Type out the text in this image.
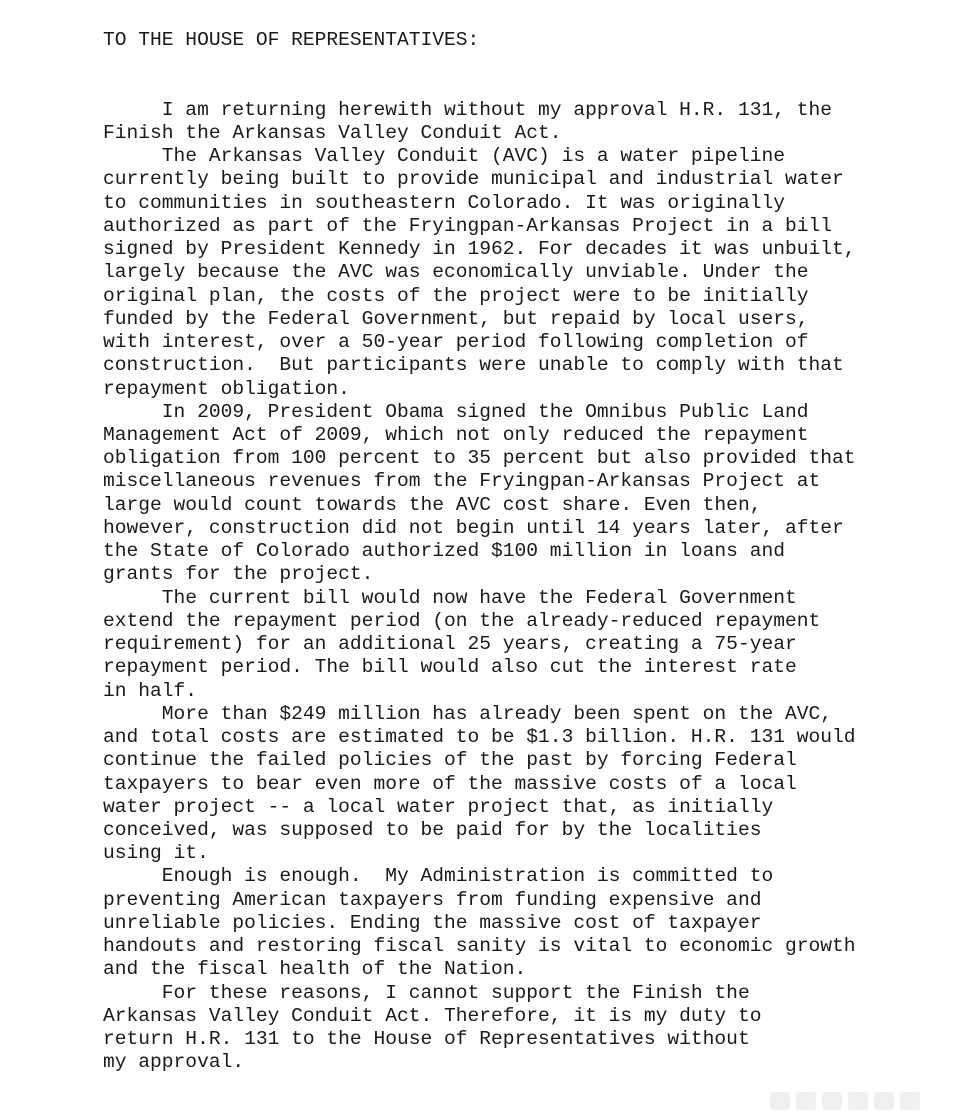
TO THE HOUSE OF REPRESENTATIVES:
I am returning herewith without my approval H.R. 131, the
Finish the Arkansas Valley Conduit Act.
The Arkansas Valley Conduit (AVC) is a water pipeline
currently being built to provide municipal and industrial water
to communities in southeastern Colorado. It was originally
authorized as part of the Fryingpan-Arkansas Project in a bill
signed by President Kennedy in 1962. For decades it was unbuilt,
largely because the AVC was economically unviable. Under the
original plan, the costs of the project were to be initially
funded by the Federal Government, but repaid by local users,
with interest, over a 50-year period following completion of
construction.  But participants were unable to comply with that
repayment obligation.
In 2009, President Obama signed the Omnibus Public Land
Management Act of 2009, which not only reduced the repayment
obligation from 100 percent to 35 percent but also provided that
miscellaneous revenues from the Fryingpan-Arkansas Project at
large would count towards the AVC cost share. Even then,
however, construction did not begin until 14 years later, after
the State of Colorado authorized $100 million in loans and
grants for the project.
The current bill would now have the Federal Government
extend the repayment period (on the already-reduced repayment
requirement) for an additional 25 years, creating a 75-year
repayment period. The bill would also cut the interest rate
in half.
More than $249 million has already been spent on the AVC,
and total costs are estimated to be $1.3 billion. H.R. 131 would
continue the failed policies of the past by forcing Federal
taxpayers to bear even more of the massive costs of a local
water project -- a local water project that, as initially
conceived, was supposed to be paid for by the localities
using it.
Enough is enough.  My Administration is committed to
preventing American taxpayers from funding expensive and
unreliable policies. Ending the massive cost of taxpayer
handouts and restoring fiscal sanity is vital to economic growth
and the fiscal health of the Nation.
For these reasons, I cannot support the Finish the
Arkansas Valley Conduit Act. Therefore, it is my duty to
return H.R. 131 to the House of Representatives without
my approval.
